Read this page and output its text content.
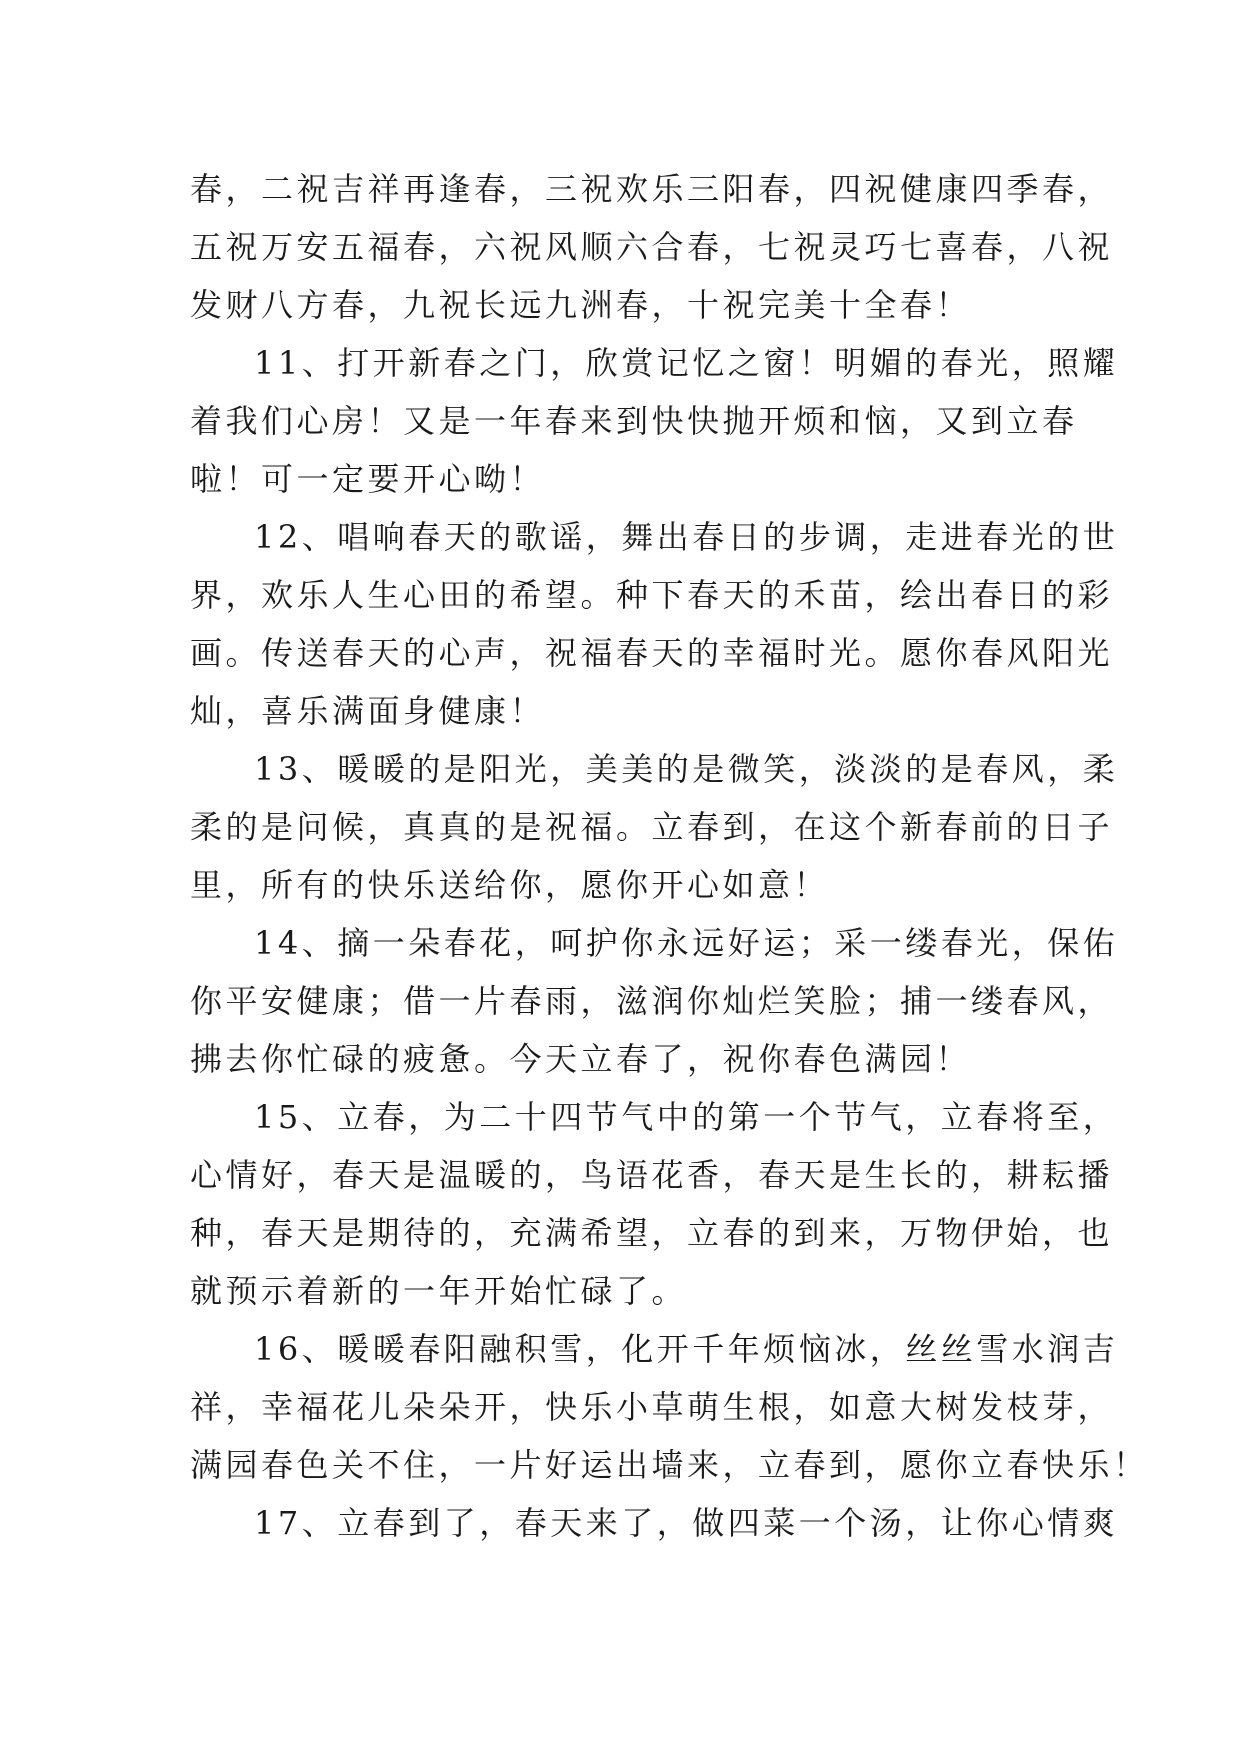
春，二祝吉祥再逢春，三祝欢乐三阳春，四祝健康四季春，
五祝万安五福春，六祝风顺六合春，七祝灵巧七喜春，八祝
发财八方春，九祝长远九洲春，十祝完美十全春！
11、打开新春之门，欣赏记忆之窗！明媚的春光，照耀
着我们心房！又是一年春来到快快抛开烦和恼，又到立春
啦！可一定要开心呦！
12、唱响春天的歌谣，舞出春日的步调，走进春光的世
界，欢乐人生心田的希望。种下春天的禾苗，绘出春日的彩
画。传送春天的心声，祝福春天的幸福时光。愿你春风阳光
灿，喜乐满面身健康！
13、暖暖的是阳光，美美的是微笑，淡淡的是春风，柔
柔的是问候，真真的是祝福。立春到，在这个新春前的日子
里，所有的快乐送给你，愿你开心如意！
14、摘一朵春花，呵护你永远好运；采一缕春光，保佑
你平安健康；借一片春雨，滋润你灿烂笑脸；捕一缕春风，
拂去你忙碌的疲惫。今天立春了，祝你春色满园！
15、立春，为二十四节气中的第一个节气，立春将至，
心情好，春天是温暖的，鸟语花香，春天是生长的，耕耘播
种，春天是期待的，充满希望，立春的到来，万物伊始，也
就预示着新的一年开始忙碌了。
16、暖暖春阳融积雪，化开千年烦恼冰，丝丝雪水润吉
祥，幸福花儿朵朵开，快乐小草萌生根，如意大树发枝芽，
满园春色关不住，一片好运出墙来，立春到，愿你立春快乐！
17、立春到了，春天来了，做四菜一个汤，让你心情爽
